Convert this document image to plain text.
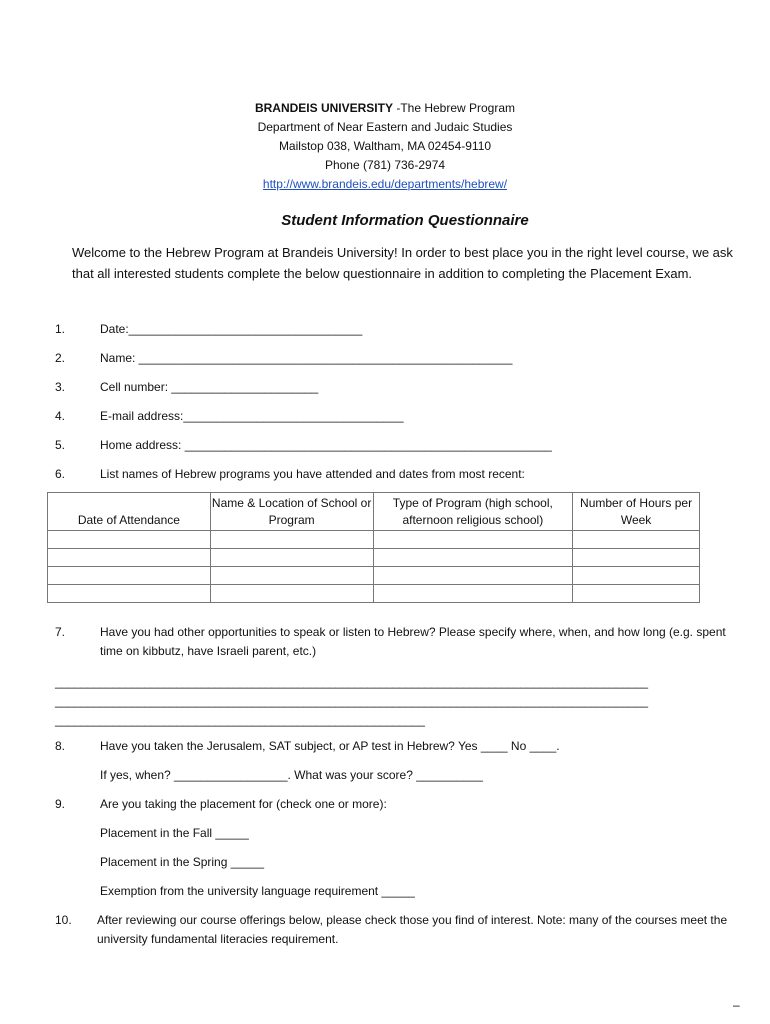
BRANDEIS UNIVERSITY -The Hebrew Program
Department of Near Eastern and Judaic Studies
Mailstop 038, Waltham, MA 02454-9110
Phone (781) 736-2974
http://www.brandeis.edu/departments/hebrew/
Student Information Questionnaire
Welcome to the Hebrew Program at Brandeis University! In order to best place you in the right level course, we ask that all interested students complete the below questionnaire in addition to completing the Placement Exam.
1.	Date:___________________________________
2.	Name: ________________________________________________________
3.	Cell number: ______________________
4.	E-mail address:_________________________________
5.	Home address: _______________________________________________________
6.	List names of Hebrew programs you have attended and dates from most recent:
Date of Attendance	Name & Location of School or Program	Type of Program (high school, afternoon religious school)	Number of Hours per Week

7.	Have you had other opportunities to speak or listen to Hebrew? Please specify where, when, and how long (e.g. spent time on kibbutz, have Israeli parent, etc.)
_____________________________________________________________________________________________
_____________________________________________________________________________________________
__________________________________________________________
8.	Have you taken the Jerusalem, SAT subject, or AP test in Hebrew? Yes ____ No ____.
If yes, when? _________________. What was your score? __________
9.	Are you taking the placement for (check one or more):
Placement in the Fall _____
Placement in the Spring _____
Exemption from the university language requirement _____
10. After reviewing our course offerings below, please check those you find of interest. Note: many of the courses meet the university fundamental literacies requirement.
–
